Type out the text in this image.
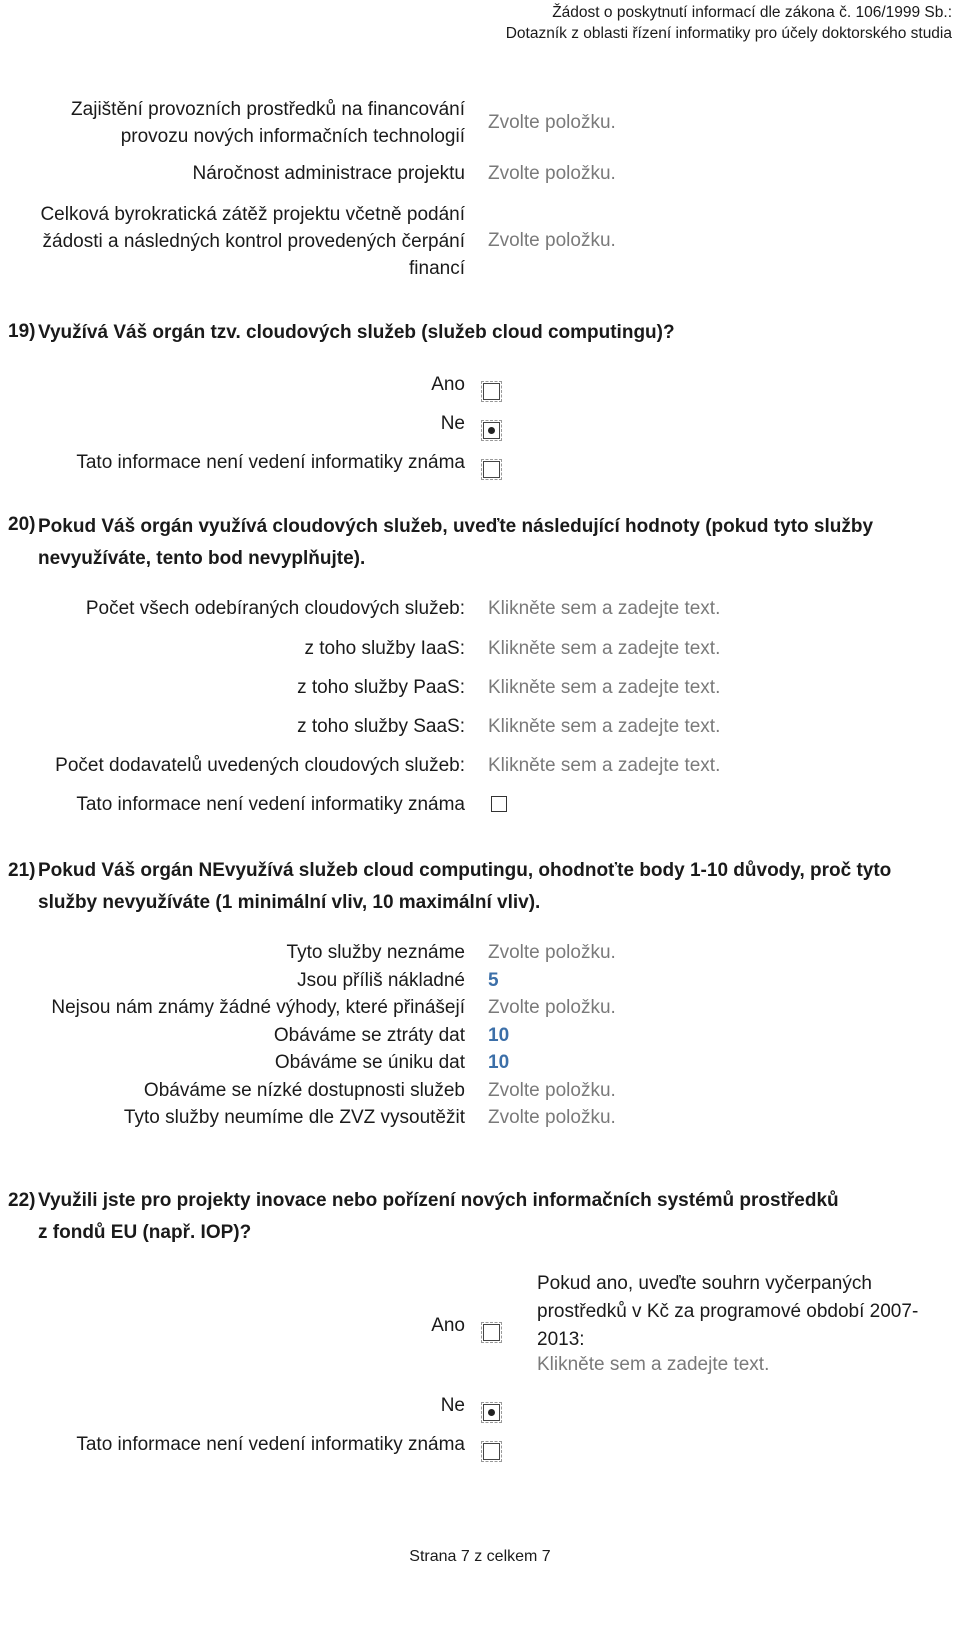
Žádost o poskytnutí informací dle zákona č. 106/1999 Sb.:
Dotazník z oblasti řízení informatiky pro účely doktorského studia
Zajištění provozních prostředků na financování provozu nových informačních technologií
Zvolte položku.
Náročnost administrace projektu Zvolte položku.
Celková byrokratická zátěž projektu včetně podání žádosti a následných kontrol provedených čerpání financí
Zvolte položku.
19) Využívá Váš orgán tzv. cloudových služeb (služeb cloud computingu)?
Ano
Ne
Tato informace není vedení informatiky známa
20) Pokud Váš orgán využívá cloudových služeb, uveďte následující hodnoty (pokud tyto služby
nevyužíváte, tento bod nevyplňujte).
Počet všech odebíraných cloudových služeb: Klikněte sem a zadejte text.
z toho služby IaaS: Klikněte sem a zadejte text.
z toho služby PaaS: Klikněte sem a zadejte text.
z toho služby SaaS: Klikněte sem a zadejte text.
Počet dodavatelů uvedených cloudových služeb: Klikněte sem a zadejte text.
Tato informace není vedení informatiky známa
21) Pokud Váš orgán NEvyužívá služeb cloud computingu, ohodnoťte body 1-10 důvody, proč tyto
služby nevyužíváte (1 minimální vliv, 10 maximální vliv).
Tyto služby neznáme Zvolte položku.
Jsou příliš nákladné 5
Nejsou nám známy žádné výhody, které přinášejí Zvolte položku.
Obáváme se ztráty dat 10
Obáváme se úniku dat 10
Obáváme se nízké dostupnosti služeb Zvolte položku.
Tyto služby neumíme dle ZVZ vysoutěžit Zvolte položku.
22) Využili jste pro projekty inovace nebo pořízení nových informačních systémů prostředků
z fondů EU (např. IOP)?
Ano
Ne
Tato informace není vedení informatiky známa
Pokud ano, uveďte souhrn vyčerpaných prostředků v Kč za programové období 2007-2013:
Klikněte sem a zadejte text.
Strana 7 z celkem 7
